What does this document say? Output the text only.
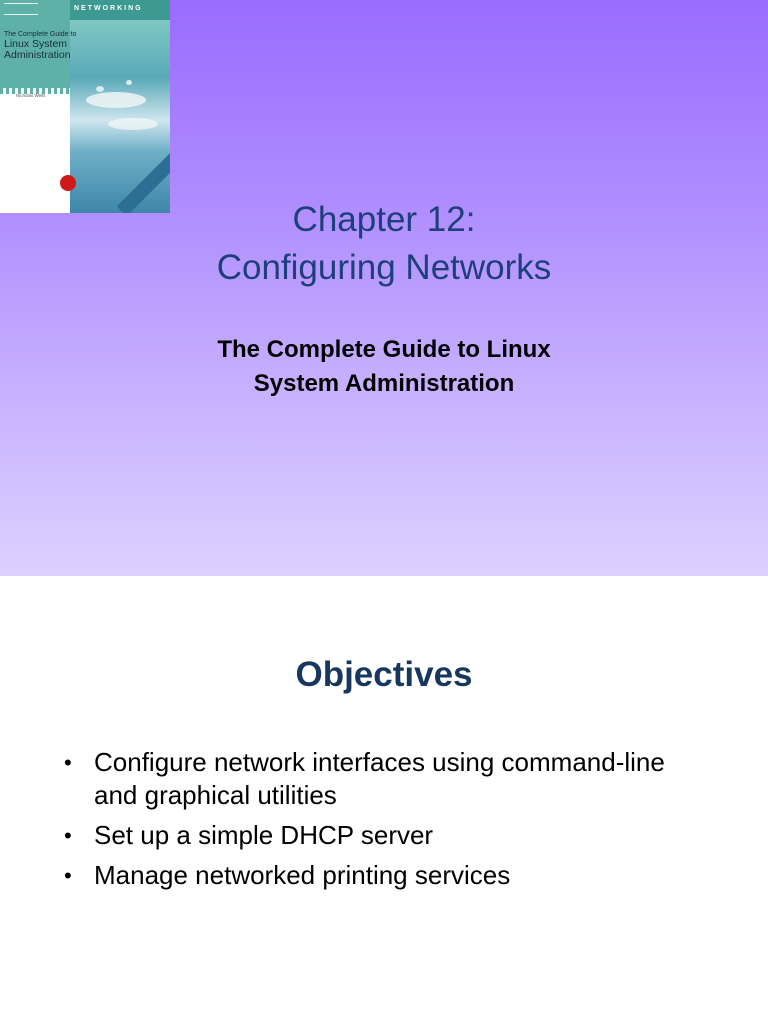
NETWORKING
The Complete Guide to
Linux System
Administration
Nicholas Wells
Chapter 12:
Configuring Networks
The Complete Guide to Linux
System Administration
Objectives
• Configure network interfaces using command-line and graphical utilities
• Set up a simple DHCP server
• Manage networked printing services
